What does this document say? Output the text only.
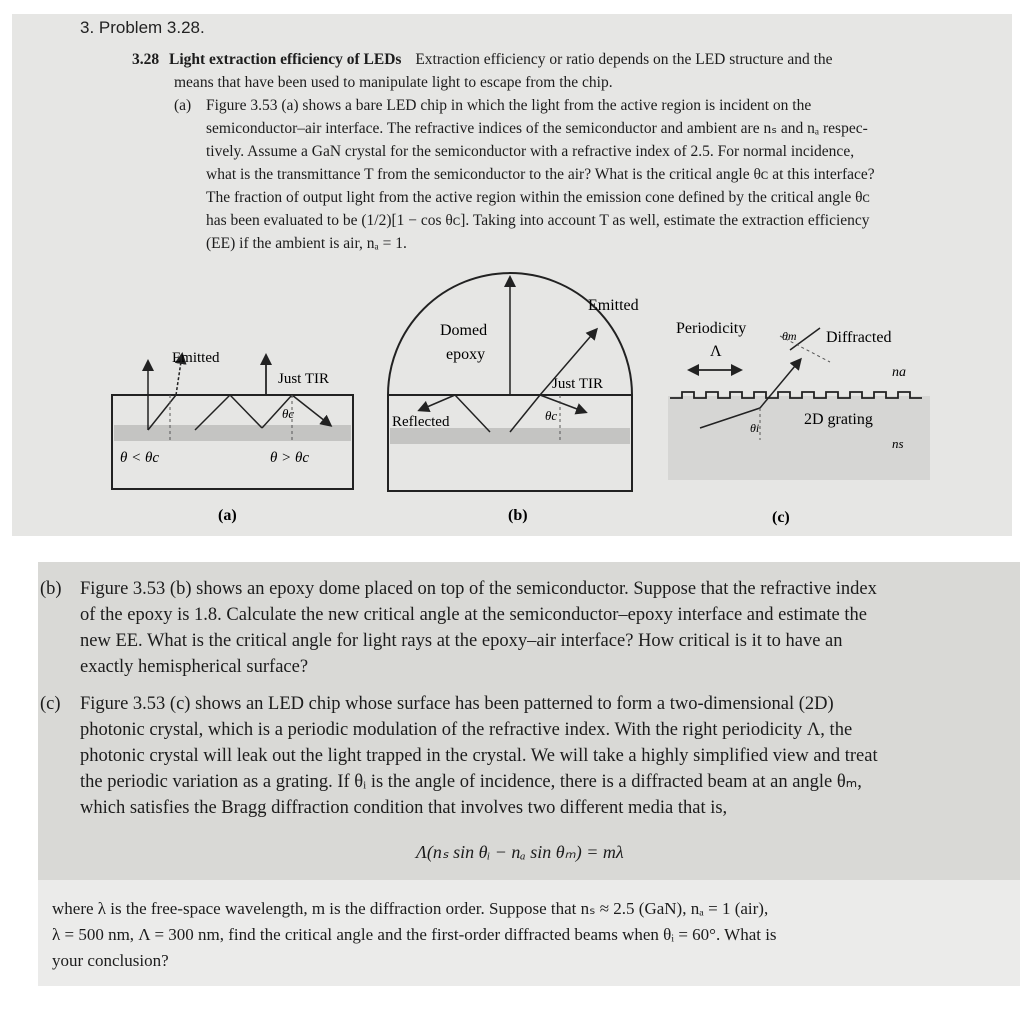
3. Problem 3.28.
3.28 Light extraction efficiency of LEDs Extraction efficiency or ratio depends on the LED structure and the
means that have been used to manipulate light to escape from the chip.
(a) Figure 3.53 (a) shows a bare LED chip in which the light from the active region is incident on the
semiconductor–air interface. The refractive indices of the semiconductor and ambient are nₛ and nₐ respec-
tively. Assume a GaN crystal for the semiconductor with a refractive index of 2.5. For normal incidence,
what is the transmittance T from the semiconductor to the air? What is the critical angle θᴄ at this interface?
The fraction of output light from the active region within the emission cone defined by the critical angle θᴄ
has been evaluated to be (1/2)[1 − cos θᴄ]. Taking into account T as well, estimate the extraction efficiency
(EE) if the ambient is air, nₐ = 1.
Emitted
Just TIR
θc
θ < θc	θ > θc
(a)
Emitted
Domed
epoxy
Just TIR
Reflected	θc
(b)
Periodicity
Λ
Diffracted
θm
na
2D grating
θi
ns
(c)
(b) Figure 3.53 (b) shows an epoxy dome placed on top of the semiconductor. Suppose that the refractive index
of the epoxy is 1.8. Calculate the new critical angle at the semiconductor–epoxy interface and estimate the
new EE. What is the critical angle for light rays at the epoxy–air interface? How critical is it to have an
exactly hemispherical surface?
(c) Figure 3.53 (c) shows an LED chip whose surface has been patterned to form a two-dimensional (2D)
photonic crystal, which is a periodic modulation of the refractive index. With the right periodicity Λ, the
photonic crystal will leak out the light trapped in the crystal. We will take a highly simplified view and treat
the periodic variation as a grating. If θᵢ is the angle of incidence, there is a diffracted beam at an angle θₘ,
which satisfies the Bragg diffraction condition that involves two different media that is,
Λ(nₛ sin θᵢ − nₐ sin θₘ) = mλ
where λ is the free-space wavelength, m is the diffraction order. Suppose that nₛ ≈ 2.5 (GaN), nₐ = 1 (air),
λ = 500 nm, Λ = 300 nm, find the critical angle and the first-order diffracted beams when θᵢ = 60°. What is
your conclusion?
